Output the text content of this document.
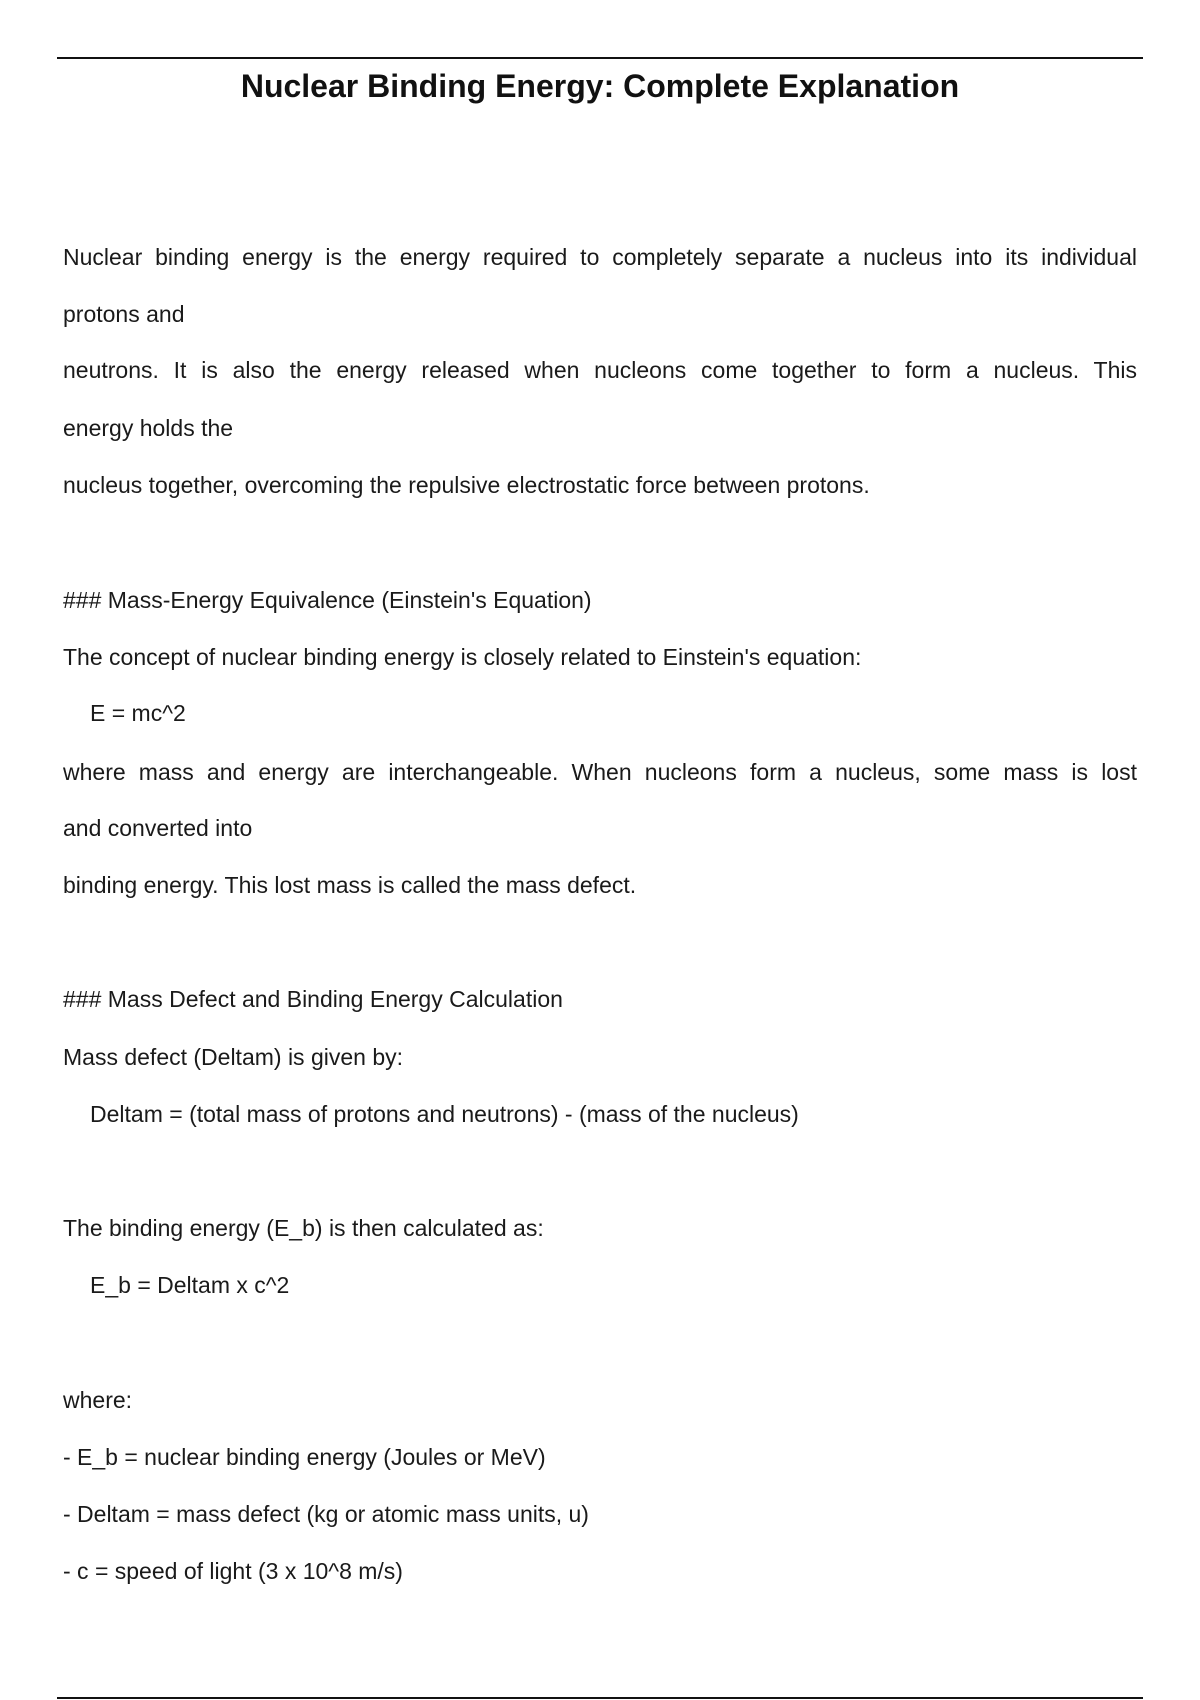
Nuclear Binding Energy: Complete Explanation

Nuclear binding energy is the energy required to completely separate a nucleus into its individual

protons and

neutrons. It is also the energy released when nucleons come together to form a nucleus. This

energy holds the

nucleus together, overcoming the repulsive electrostatic force between protons.

### Mass-Energy Equivalence (Einstein's Equation)

The concept of nuclear binding energy is closely related to Einstein's equation:

E = mc^2

where mass and energy are interchangeable. When nucleons form a nucleus, some mass is lost

and converted into

binding energy. This lost mass is called the mass defect.

### Mass Defect and Binding Energy Calculation

Mass defect (Deltam) is given by:

Deltam = (total mass of protons and neutrons) - (mass of the nucleus)

The binding energy (E_b) is then calculated as:

E_b = Deltam x c^2

where:

- E_b = nuclear binding energy (Joules or MeV)

- Deltam = mass defect (kg or atomic mass units, u)

- c = speed of light (3 x 10^8 m/s)
